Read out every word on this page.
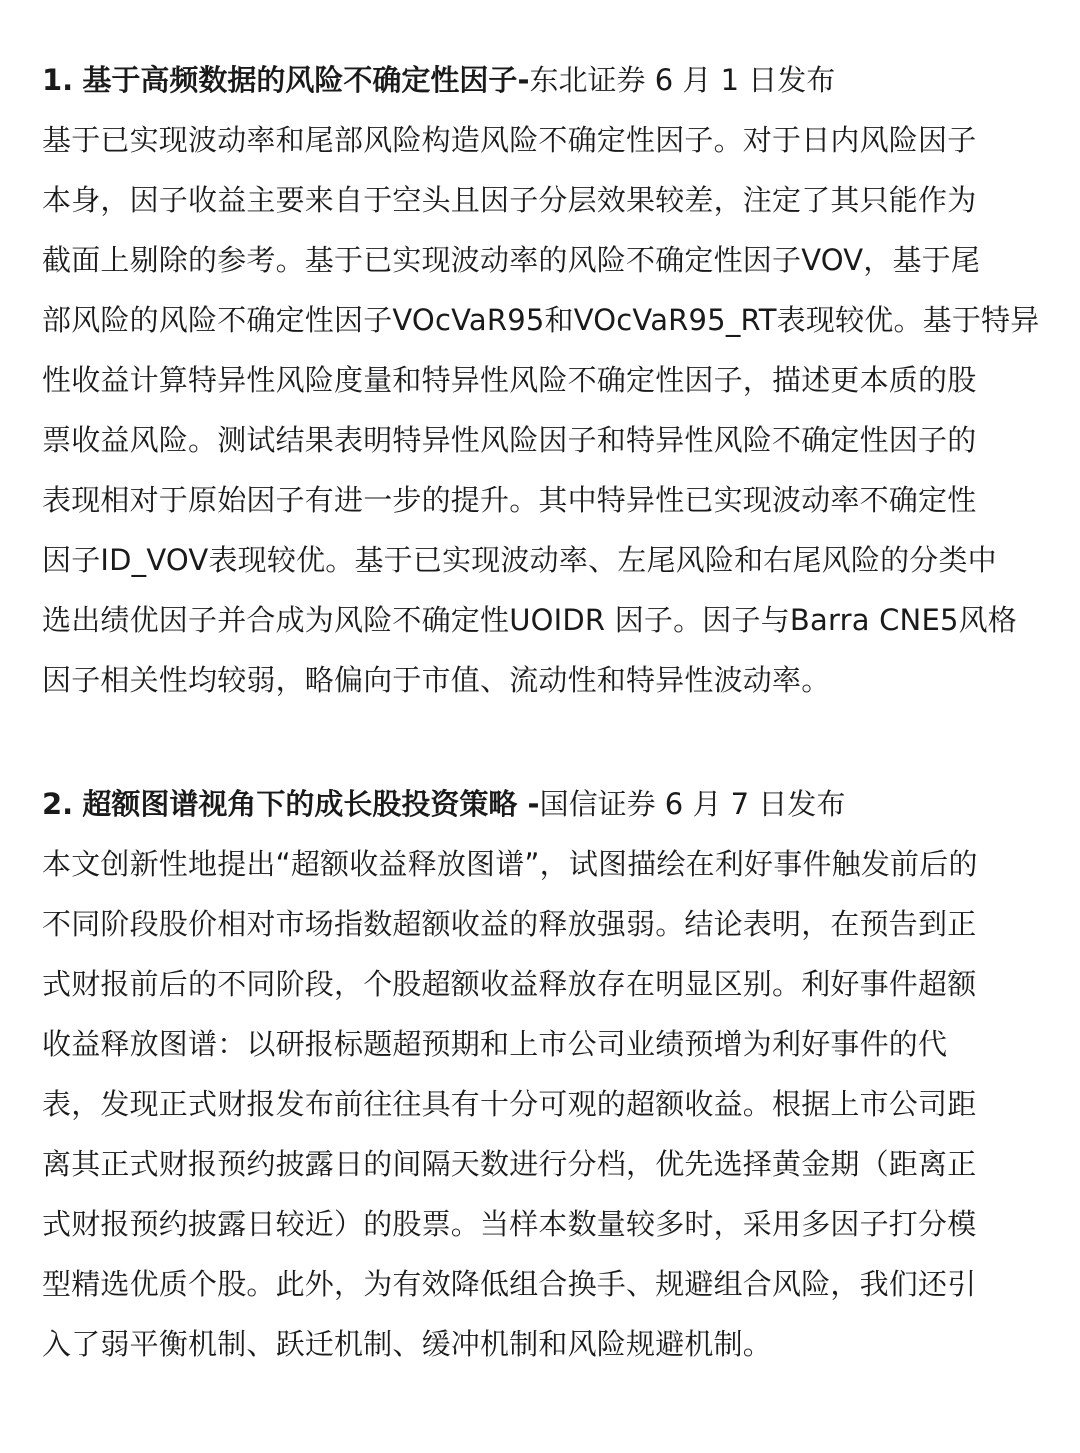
1. 基于高频数据的风险不确定性因子-东北证券 6 月 1 日发布
基于已实现波动率和尾部风险构造风险不确定性因子。对于日内风险因子
本身，因子收益主要来自于空头且因子分层效果较差，注定了其只能作为
截面上剔除的参考。基于已实现波动率的风险不确定性因子VOV，基于尾
部风险的风险不确定性因子VOcVaR95和VOcVaR95_RT表现较优。基于特异
性收益计算特异性风险度量和特异性风险不确定性因子，描述更本质的股
票收益风险。测试结果表明特异性风险因子和特异性风险不确定性因子的
表现相对于原始因子有进一步的提升。其中特异性已实现波动率不确定性
因子ID_VOV表现较优。基于已实现波动率、左尾风险和右尾风险的分类中
选出绩优因子并合成为风险不确定性UOIDR 因子。因子与Barra CNE5风格
因子相关性均较弱，略偏向于市值、流动性和特异性波动率。
2. 超额图谱视角下的成长股投资策略 -国信证券 6 月 7 日发布
本文创新性地提出“超额收益释放图谱”，试图描绘在利好事件触发前后的
不同阶段股价相对市场指数超额收益的释放强弱。结论表明，在预告到正
式财报前后的不同阶段，个股超额收益释放存在明显区别。利好事件超额
收益释放图谱：以研报标题超预期和上市公司业绩预增为利好事件的代
表，发现正式财报发布前往往具有十分可观的超额收益。根据上市公司距
离其正式财报预约披露日的间隔天数进行分档，优先选择黄金期（距离正
式财报预约披露日较近）的股票。当样本数量较多时，采用多因子打分模
型精选优质个股。此外，为有效降低组合换手、规避组合风险，我们还引
入了弱平衡机制、跃迁机制、缓冲机制和风险规避机制。
